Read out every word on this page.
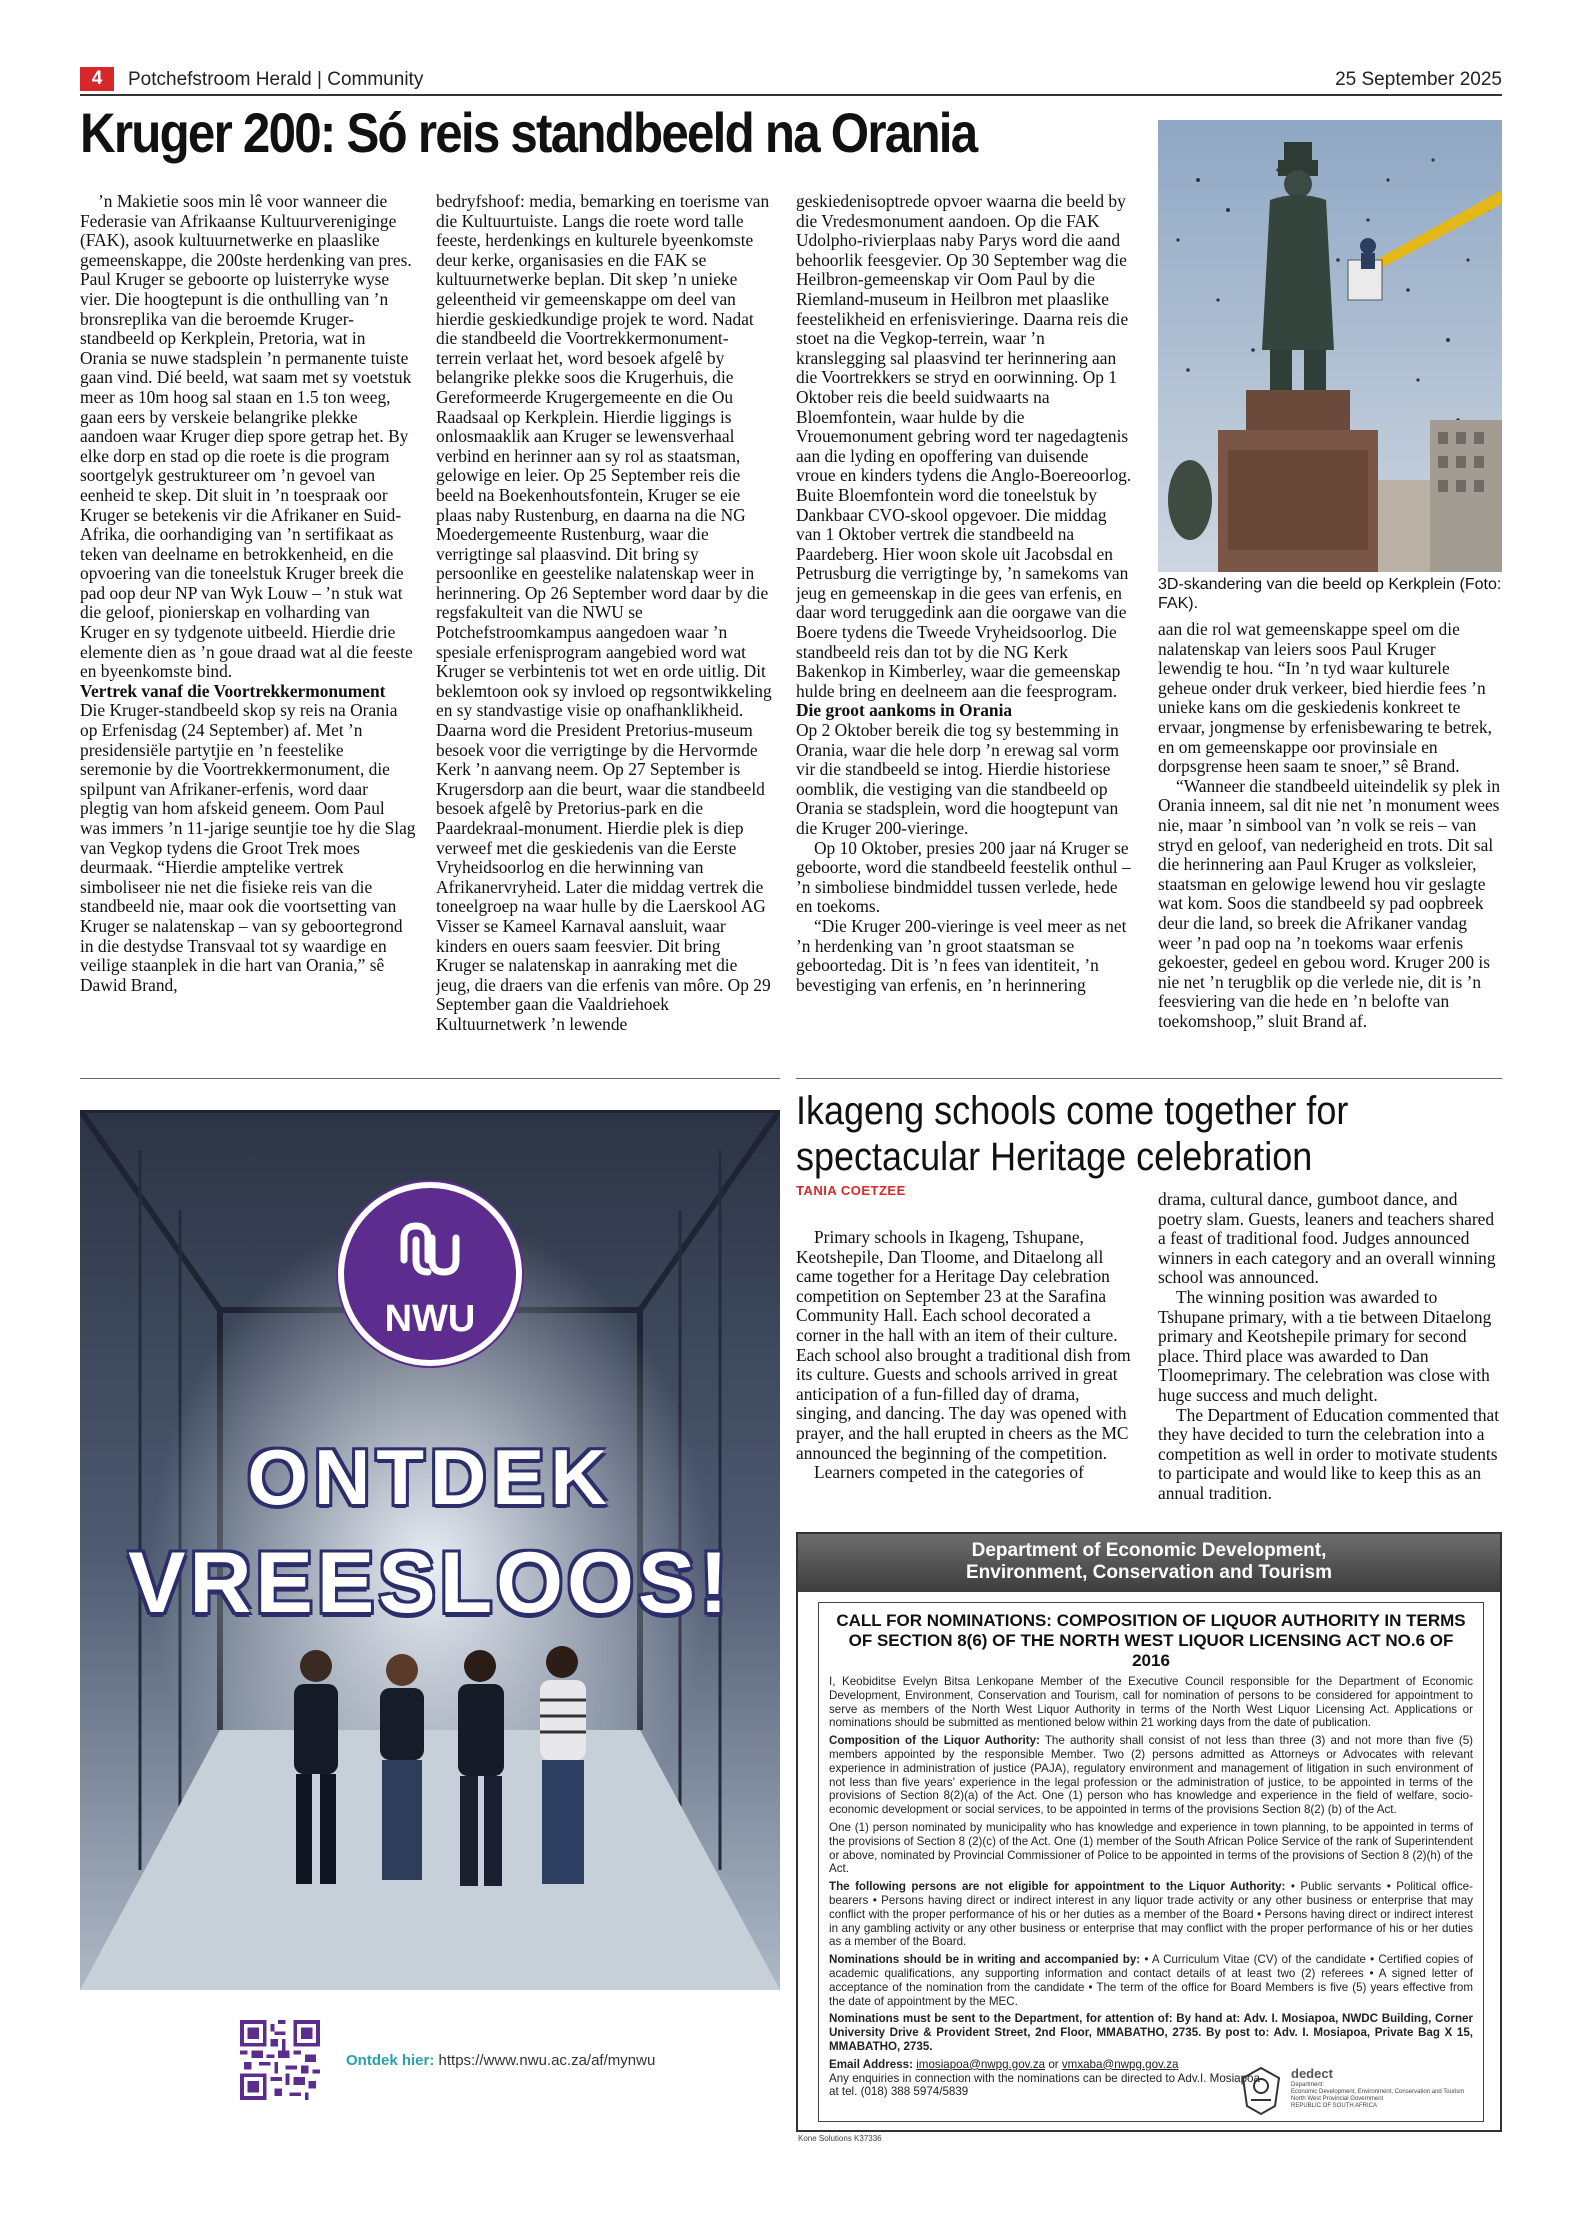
4	Potchefstroom Herald | Community	25 September 2025
Kruger 200: Só reis standbeeld na Orania

’n Makietie soos min lê voor wanneer die Federasie van Afrikaanse Kultuurvereniginge (FAK), asook kultuurnetwerke en plaaslike gemeenskappe, die 200ste herdenking van pres. Paul Kruger se geboorte op luisterryke wyse vier. Die hoogtepunt is die onthulling van ’n bronsreplika van die beroemde Kruger-standbeeld op Kerkplein, Pretoria, wat in Orania se nuwe stadsplein ’n permanente tuiste gaan vind. Dié beeld, wat saam met sy voetstuk meer as 10m hoog sal staan en 1.5 ton weeg, gaan eers by verskeie belangrike plekke aandoen waar Kruger diep spore getrap het. By elke dorp en stad op die roete is die program soortgelyk gestruktureer om ’n gevoel van eenheid te skep. Dit sluit in ’n toespraak oor Kruger se betekenis vir die Afrikaner en Suid-Afrika, die oorhandiging van ’n sertifikaat as teken van deelname en betrokkenheid, en die opvoering van die toneelstuk Kruger breek die pad oop deur NP van Wyk Louw – ’n stuk wat die geloof, pionierskap en volharding van Kruger en sy tydgenote uitbeeld. Hierdie drie elemente dien as ’n goue draad wat al die feeste en byeenkomste bind.

Vertrek vanaf die Voortrekkermonument

Die Kruger-standbeeld skop sy reis na Orania op Erfenisdag (24 September) af. Met ’n presidensiële partytjie en ’n feestelike seremonie by die Voortrekkermonument, die spilpunt van Afrikaner-erfenis, word daar plegtig van hom afskeid geneem. Oom Paul was immers ’n 11-jarige seuntjie toe hy die Slag van Vegkop tydens die Groot Trek moes deurmaak. “Hierdie amptelike vertrek simboliseer nie net die fisieke reis van die standbeeld nie, maar ook die voortsetting van Kruger se nalatenskap – van sy geboortegrond in die destydse Transvaal tot sy waardige en veilige staanplek in die hart van Orania,” sê Dawid Brand,

bedryfshoof: media, bemarking en toerisme van die Kultuurtuiste. Langs die roete word talle feeste, herdenkings en kulturele byeenkomste deur kerke, organisasies en die FAK se kultuurnetwerke beplan. Dit skep ’n unieke geleentheid vir gemeenskappe om deel van hierdie geskiedkundige projek te word. Nadat die standbeeld die Voortrekkermonument-terrein verlaat het, word besoek afgelê by belangrike plekke soos die Krugerhuis, die Gereformeerde Krugergemeente en die Ou Raadsaal op Kerkplein. Hierdie liggings is onlosmaaklik aan Kruger se lewensverhaal verbind en herinner aan sy rol as staatsman, gelowige en leier. Op 25 September reis die beeld na Boekenhoutsfontein, Kruger se eie plaas naby Rustenburg, en daarna na die NG Moedergemeente Rustenburg, waar die verrigtinge sal plaasvind. Dit bring sy persoonlike en geestelike nalatenskap weer in herinnering. Op 26 September word daar by die regsfakulteit van die NWU se Potchefstroomkampus aangedoen waar ’n spesiale erfenisprogram aangebied word wat Kruger se verbintenis tot wet en orde uitlig. Dit beklemtoon ook sy invloed op regsontwikkeling en sy standvastige visie op onafhanklikheid. Daarna word die President Pretorius-museum besoek voor die verrigtinge by die Hervormde Kerk ’n aanvang neem. Op 27 September is Krugersdorp aan die beurt, waar die standbeeld besoek afgelê by Pretorius-park en die Paardekraal-monument. Hierdie plek is diep verweef met die geskiedenis van die Eerste Vryheidsoorlog en die herwinning van Afrikanervryheid. Later die middag vertrek die toneelgroep na waar hulle by die Laerskool AG Visser se Kameel Karnaval aansluit, waar kinders en ouers saam feesvier. Dit bring Kruger se nalatenskap in aanraking met die jeug, die draers van die erfenis van môre. Op 29 September gaan die Vaaldriehoek Kultuurnetwerk ’n lewende

geskiedenisoptrede opvoer waarna die beeld by die Vredesmonument aandoen. Op die FAK Udolpho-rivierplaas naby Parys word die aand behoorlik feesgevier. Op 30 September wag die Heilbron-gemeenskap vir Oom Paul by die Riemland-museum in Heilbron met plaaslike feestelikheid en erfenisvieringe. Daarna reis die stoet na die Vegkop-terrein, waar ’n kranslegging sal plaasvind ter herinnering aan die Voortrekkers se stryd en oorwinning. Op 1 Oktober reis die beeld suidwaarts na Bloemfontein, waar hulde by die Vrouemonument gebring word ter nagedagtenis aan die lyding en opoffering van duisende vroue en kinders tydens die Anglo-Boereoorlog. Buite Bloemfontein word die toneelstuk by Dankbaar CVO-skool opgevoer. Die middag van 1 Oktober vertrek die standbeeld na Paardeberg. Hier woon skole uit Jacobsdal en Petrusburg die verrigtinge by, ’n samekoms van jeug en gemeenskap in die gees van erfenis, en daar word teruggedink aan die oorgawe van die Boere tydens die Tweede Vryheidsoorlog. Die standbeeld reis dan tot by die NG Kerk Bakenkop in Kimberley, waar die gemeenskap hulde bring en deelneem aan die feesprogram.

Die groot aankoms in Orania

Op 2 Oktober bereik die tog sy bestemming in Orania, waar die hele dorp ’n erewag sal vorm vir die standbeeld se intog. Hierdie historiese oomblik, die vestiging van die standbeeld op Orania se stadsplein, word die hoogtepunt van die Kruger 200-vieringe.

Op 10 Oktober, presies 200 jaar ná Kruger se geboorte, word die standbeeld feestelik onthul – ’n simboliese bindmiddel tussen verlede, hede en toekoms.

“Die Kruger 200-vieringe is veel meer as net ’n herdenking van ’n groot staatsman se geboortedag. Dit is ’n fees van identiteit, ’n bevestiging van erfenis, en ’n herinnering

3D-skandering van die beeld op Kerkplein (Foto: FAK).

aan die rol wat gemeenskappe speel om die nalatenskap van leiers soos Paul Kruger lewendig te hou. “In ’n tyd waar kulturele geheue onder druk verkeer, bied hierdie fees ’n unieke kans om die geskiedenis konkreet te ervaar, jongmense by erfenisbewaring te betrek, en om gemeenskappe oor provinsiale en dorpsgrense heen saam te snoer,” sê Brand.

“Wanneer die standbeeld uiteindelik sy plek in Orania inneem, sal dit nie net ’n monument wees nie, maar ’n simbool van ’n volk se reis – van stryd en geloof, van nederigheid en trots. Dit sal die herinnering aan Paul Kruger as volksleier, staatsman en gelowige lewend hou vir geslagte wat kom. Soos die standbeeld sy pad oopbreek deur die land, so breek die Afrikaner vandag weer ’n pad oop na ’n toekoms waar erfenis gekoester, gedeel en gebou word. Kruger 200 is nie net ’n terugblik op die verlede nie, dit is ’n feesviering van die hede en ’n belofte van toekomshoop,” sluit Brand af.

NWU
ONTDEK
VREESLOOS!
Ontdek hier: https://www.nwu.ac.za/af/mynwu
Ikageng schools come together for
spectacular Heritage celebration
TANIA COETZEE

Primary schools in Ikageng, Tshupane, Keotshepile, Dan Tloome, and Ditaelong all came together for a Heritage Day celebration competition on September 23 at the Sarafina Community Hall. Each school decorated a corner in the hall with an item of their culture. Each school also brought a traditional dish from its culture. Guests and schools arrived in great anticipation of a fun-filled day of drama, singing, and dancing. The day was opened with prayer, and the hall erupted in cheers as the MC announced the beginning of the competition.

Learners competed in the categories of

drama, cultural dance, gumboot dance, and poetry slam. Guests, leaners and teachers shared a feast of traditional food. Judges announced winners in each category and an overall winning school was announced.

The winning position was awarded to Tshupane primary, with a tie between Ditaelong primary and Keotshepile primary for second place. Third place was awarded to Dan Tloomeprimary. The celebration was close with huge success and much delight.

The Department of Education commented that they have decided to turn the celebration into a competition as well in order to motivate students to participate and would like to keep this as an annual tradition.

Department of Economic Development,
Environment, Conservation and Tourism
CALL FOR NOMINATIONS: COMPOSITION OF LIQUOR AUTHORITY IN TERMS OF SECTION 8(6) OF THE NORTH WEST LIQUOR LICENSING ACT NO.6 OF 2016

I, Keobiditse Evelyn Bitsa Lenkopane Member of the Executive Council responsible for the Department of Economic Development, Environment, Conservation and Tourism, call for nomination of persons to be considered for appointment to serve as members of the North West Liquor Authority in terms of the North West Liquor Licensing Act. Applications or nominations should be submitted as mentioned below within 21 working days from the date of publication.

Composition of the Liquor Authority: The authority shall consist of not less than three (3) and not more than five (5) members appointed by the responsible Member. Two (2) persons admitted as Attorneys or Advocates with relevant experience in administration of justice (PAJA), regulatory environment and management of litigation in such environment of not less than five years' experience in the legal profession or the administration of justice, to be appointed in terms of the provisions of Section 8(2)(a) of the Act. One (1) person who has knowledge and experience in the field of welfare, socio-economic development or social services, to be appointed in terms of the provisions Section 8(2) (b) of the Act.

One (1) person nominated by municipality who has knowledge and experience in town planning, to be appointed in terms of the provisions of Section 8 (2)(c) of the Act. One (1) member of the South African Police Service of the rank of Superintendent or above, nominated by Provincial Commissioner of Police to be appointed in terms of the provisions of Section 8 (2)(h) of the Act.

The following persons are not eligible for appointment to the Liquor Authority: • Public servants • Political office-bearers • Persons having direct or indirect interest in any liquor trade activity or any other business or enterprise that may conflict with the proper performance of his or her duties as a member of the Board • Persons having direct or indirect interest in any gambling activity or any other business or enterprise that may conflict with the proper performance of his or her duties as a member of the Board.

Nominations should be in writing and accompanied by: • A Curriculum Vitae (CV) of the candidate • Certified copies of academic qualifications, any supporting information and contact details of at least two (2) referees • A signed letter of acceptance of the nomination from the candidate • The term of the office for Board Members is five (5) years effective from the date of appointment by the MEC.

Nominations must be sent to the Department, for attention of: By hand at: Adv. I. Mosiapoa, NWDC Building, Corner University Drive & Provident Street, 2nd Floor, MMABATHO, 2735. By post to: Adv. I. Mosiapoa, Private Bag X 15, MMABATHO, 2735.

Email Address: imosiapoa@nwpg.gov.za or vmxaba@nwpg.gov.za
Any enquiries in connection with the nominations can be directed to Adv.I. Mosiapoa at tel. (018) 388 5974/5839
dedect
Department:
Economic Development, Environment, Conservation and Tourism
North West Provincial Government
REPUBLIC OF SOUTH AFRICA
Kone Solutions K37336
